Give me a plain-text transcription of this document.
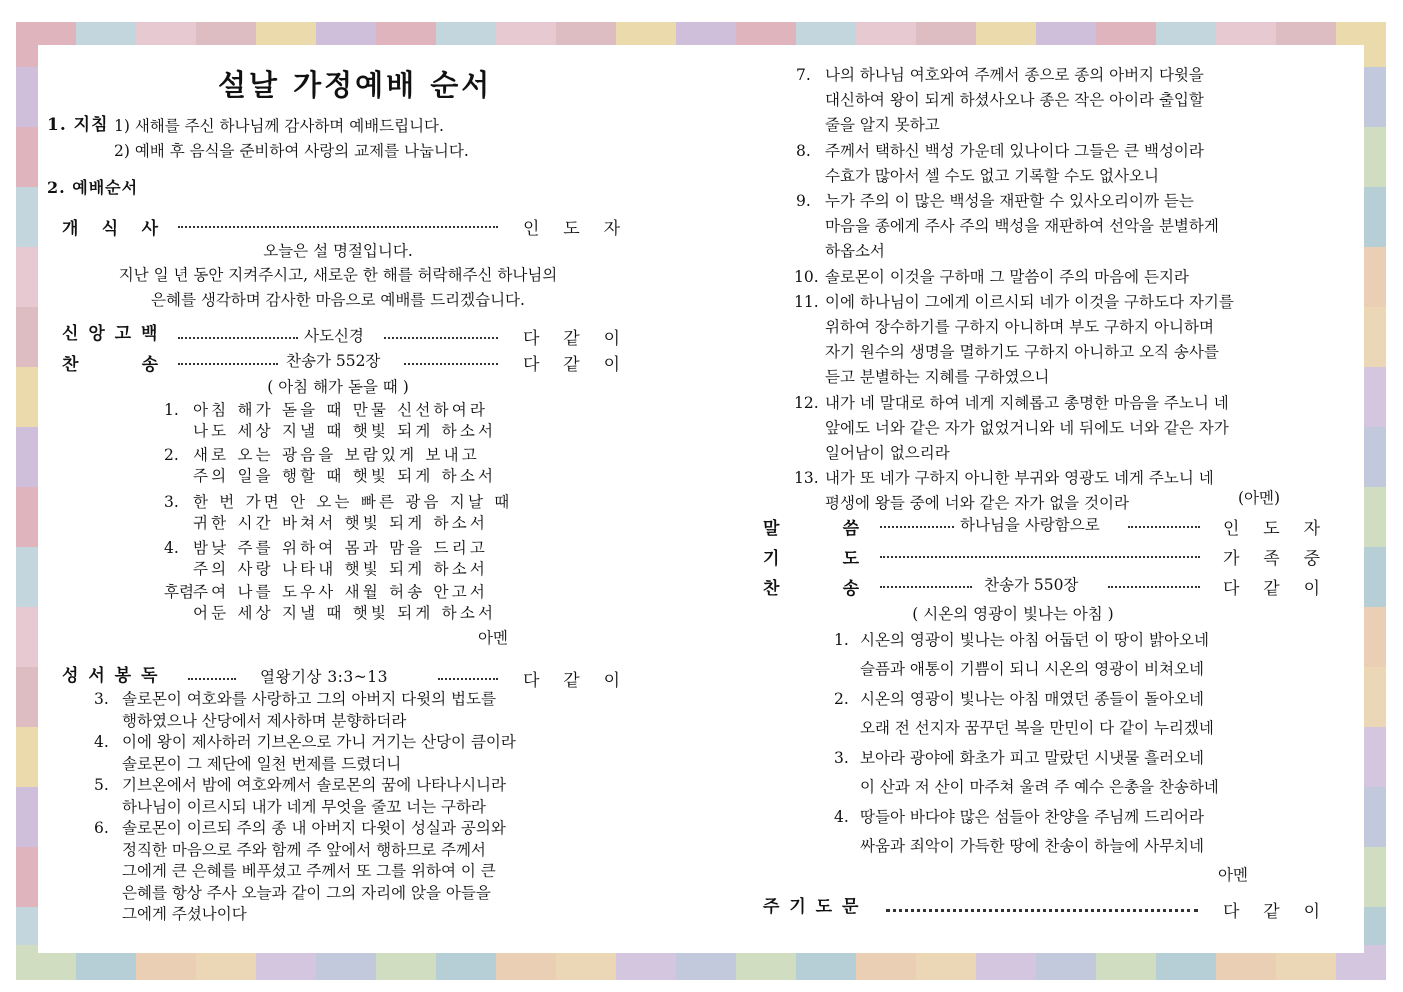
설날 가정예배 순서
1. 지침 1) 새해를 주신 하나님께 감사하며 예배드립니다.
2) 예배 후 음식을 준비하여 사랑의 교제를 나눕니다.
2. 예배순서
개 식 사	인 도 자
오늘은 설 명절입니다.
지난 일 년 동안 지켜주시고, 새로운 한 해를 허락해주신 하나님의
은혜를 생각하며 감사한 마음으로 예배를 드리겠습니다.
신 앙 고 백	사도신경	다 같 이
찬	송	찬송가 552장	다 같 이
( 아침 해가 돋을 때 )
1. 아침 해가 돋을 때 만물 신선하여라
나도 세상 지낼 때 햇빛 되게 하소서
2. 새로 오는 광음을 보람있게 보내고
주의 일을 행할 때 햇빛 되게 하소서
3. 한 번 가면 안 오는 빠른 광음 지날 때
귀한 시간 바쳐서 햇빛 되게 하소서
4. 밤낮 주를 위하여 몸과 맘을 드리고
주의 사랑 나타내 햇빛 되게 하소서
후렴 주여 나를 도우사 새월 허송 안고서
어둔 세상 지낼 때 햇빛 되게 하소서
아멘
성 서 봉 독	열왕기상 3:3~13	다 같 이
3. 솔로몬이 여호와를 사랑하고 그의 아버지 다윗의 법도를
행하였으나 산당에서 제사하며 분향하더라
4. 이에 왕이 제사하러 기브온으로 가니 거기는 산당이 큼이라
솔로몬이 그 제단에 일천 번제를 드렸더니
5. 기브온에서 밤에 여호와께서 솔로몬의 꿈에 나타나시니라
하나님이 이르시되 내가 네게 무엇을 줄꼬 너는 구하라
6. 솔로몬이 이르되 주의 종 내 아버지 다윗이 성실과 공의와
정직한 마음으로 주와 함께 주 앞에서 행하므로 주께서
그에게 큰 은혜를 베푸셨고 주께서 또 그를 위하여 이 큰
은혜를 항상 주사 오늘과 같이 그의 자리에 앉을 아들을
그에게 주셨나이다
7. 나의 하나님 여호와여 주께서 종으로 종의 아버지 다윗을
대신하여 왕이 되게 하셨사오나 종은 작은 아이라 출입할
줄을 알지 못하고
8. 주께서 택하신 백성 가운데 있나이다 그들은 큰 백성이라
수효가 많아서 셀 수도 없고 기록할 수도 없사오니
9. 누가 주의 이 많은 백성을 재판할 수 있사오리이까 듣는
마음을 종에게 주사 주의 백성을 재판하여 선악을 분별하게
하옵소서
10. 솔로몬이 이것을 구하매 그 말씀이 주의 마음에 든지라
11. 이에 하나님이 그에게 이르시되 네가 이것을 구하도다 자기를
위하여 장수하기를 구하지 아니하며 부도 구하지 아니하며
자기 원수의 생명을 멸하기도 구하지 아니하고 오직 송사를
듣고 분별하는 지혜를 구하였으니
12. 내가 네 말대로 하여 네게 지혜롭고 총명한 마음을 주노니 네
앞에도 너와 같은 자가 없었거니와 네 뒤에도 너와 같은 자가
일어남이 없으리라
13. 내가 또 네가 구하지 아니한 부귀와 영광도 네게 주노니 네
평생에 왕들 중에 너와 같은 자가 없을 것이라	(아멘)
말	씀	하나님을 사랑함으로	인 도 자
기	도	가 족 중
찬	송	찬송가 550장	다 같 이
( 시온의 영광이 빛나는 아침 )
1. 시온의 영광이 빛나는 아침 어둡던 이 땅이 밝아오네
슬픔과 애통이 기쁨이 되니 시온의 영광이 비쳐오네
2. 시온의 영광이 빛나는 아침 매였던 종들이 돌아오네
오래 전 선지자 꿈꾸던 복을 만민이 다 같이 누리겠네
3. 보아라 광야에 화초가 피고 말랐던 시냇물 흘러오네
이 산과 저 산이 마주쳐 울려 주 예수 은총을 찬송하네
4. 땅들아 바다야 많은 섬들아 찬양을 주님께 드리어라
싸움과 죄악이 가득한 땅에 찬송이 하늘에 사무치네
아멘
주 기 도 문	다 같 이
